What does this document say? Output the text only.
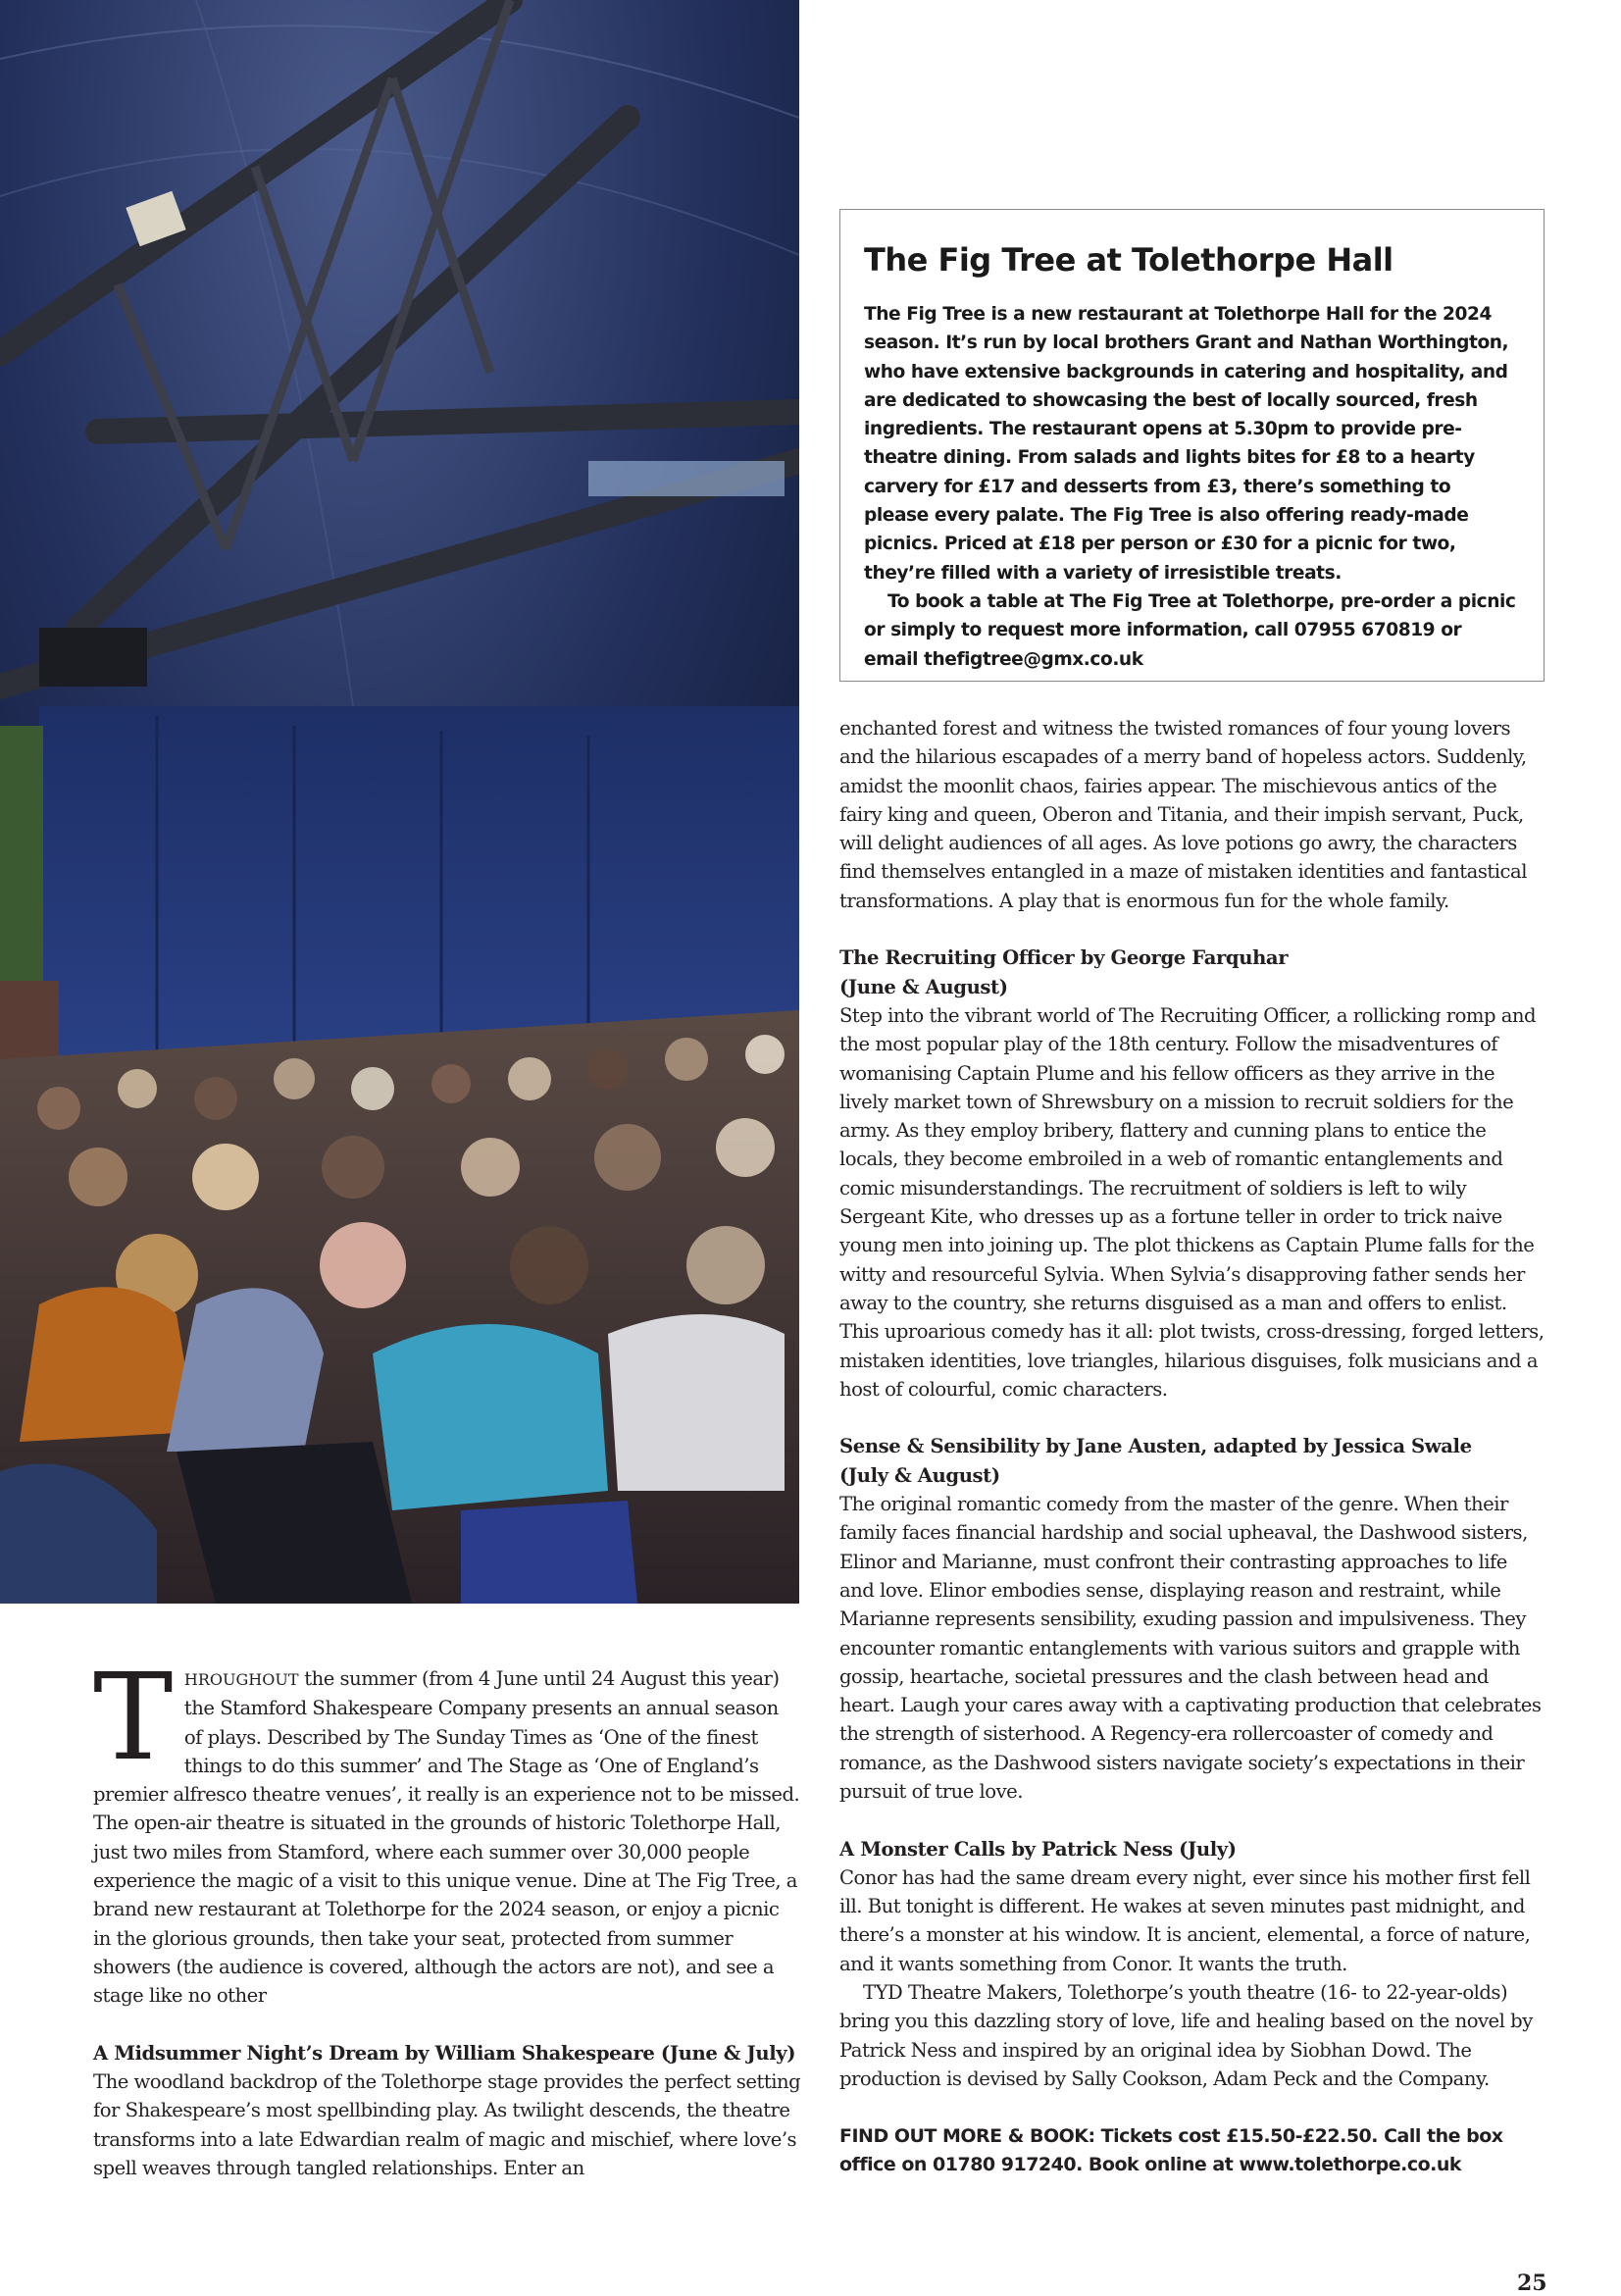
The Fig Tree at Tolethorpe Hall

The Fig Tree is a new restaurant at Tolethorpe Hall for the 2024 season. It’s run by local brothers Grant and Nathan Worthington, who have extensive backgrounds in catering and hospitality, and are dedicated to showcasing the best of locally sourced, fresh ingredients. The restaurant opens at 5.30pm to provide pre-theatre dining. From salads and lights bites for £8 to a hearty carvery for £17 and desserts from £3, there’s something to please every palate. The Fig Tree is also offering ready-made picnics. Priced at £18 per person or £30 for a picnic for two, they’re filled with a variety of irresistible treats.

To book a table at The Fig Tree at Tolethorpe, pre-order a picnic or simply to request more information, call 07955 670819 or email thefigtree@gmx.co.uk

THROUGHOUT the summer (from 4 June until 24 August this year) the Stamford Shakespeare Company presents an annual season of plays. Described by The Sunday Times as ‘One of the finest things to do this summer’ and The Stage as ‘One of England’s premier alfresco theatre venues’, it really is an experience not to be missed. The open-air theatre is situated in the grounds of historic Tolethorpe Hall, just two miles from Stamford, where each summer over 30,000 people experience the magic of a visit to this unique venue. Dine at The Fig Tree, a brand new restaurant at Tolethorpe for the 2024 season, or enjoy a picnic in the glorious grounds, then take your seat, protected from summer showers (the audience is covered, although the actors are not), and see a stage like no other

A Midsummer Night’s Dream by William Shakespeare (June & July)

The woodland backdrop of the Tolethorpe stage provides the perfect setting for Shakespeare’s most spellbinding play. As twilight descends, the theatre transforms into a late Edwardian realm of magic and mischief, where love’s spell weaves through tangled relationships. Enter an

enchanted forest and witness the twisted romances of four young lovers and the hilarious escapades of a merry band of hopeless actors. Suddenly, amidst the moonlit chaos, fairies appear. The mischievous antics of the fairy king and queen, Oberon and Titania, and their impish servant, Puck, will delight audiences of all ages. As love potions go awry, the characters find themselves entangled in a maze of mistaken identities and fantastical transformations. A play that is enormous fun for the whole family.

The Recruiting Officer by George Farquhar
(June & August)

Step into the vibrant world of The Recruiting Officer, a rollicking romp and the most popular play of the 18th century. Follow the misadventures of womanising Captain Plume and his fellow officers as they arrive in the lively market town of Shrewsbury on a mission to recruit soldiers for the army. As they employ bribery, flattery and cunning plans to entice the locals, they become embroiled in a web of romantic entanglements and comic misunderstandings. The recruitment of soldiers is left to wily Sergeant Kite, who dresses up as a fortune teller in order to trick naive young men into joining up. The plot thickens as Captain Plume falls for the witty and resourceful Sylvia. When Sylvia’s disapproving father sends her away to the country, she returns disguised as a man and offers to enlist. This uproarious comedy has it all: plot twists, cross-dressing, forged letters, mistaken identities, love triangles, hilarious disguises, folk musicians and a host of colourful, comic characters.

Sense & Sensibility by Jane Austen, adapted by Jessica Swale
(July & August)

The original romantic comedy from the master of the genre. When their family faces financial hardship and social upheaval, the Dashwood sisters, Elinor and Marianne, must confront their contrasting approaches to life and love. Elinor embodies sense, displaying reason and restraint, while Marianne represents sensibility, exuding passion and impulsiveness. They encounter romantic entanglements with various suitors and grapple with gossip, heartache, societal pressures and the clash between head and heart. Laugh your cares away with a captivating production that celebrates the strength of sisterhood. A Regency-era rollercoaster of comedy and romance, as the Dashwood sisters navigate society’s expectations in their pursuit of true love.

A Monster Calls by Patrick Ness (July)

Conor has had the same dream every night, ever since his mother first fell ill. But tonight is different. He wakes at seven minutes past midnight, and there’s a monster at his window. It is ancient, elemental, a force of nature, and it wants something from Conor. It wants the truth.

TYD Theatre Makers, Tolethorpe’s youth theatre (16- to 22-year-olds) bring you this dazzling story of love, life and healing based on the novel by Patrick Ness and inspired by an original idea by Siobhan Dowd. The production is devised by Sally Cookson, Adam Peck and the Company.

FIND OUT MORE & BOOK: Tickets cost £15.50-£22.50. Call the box office on 01780 917240. Book online at www.tolethorpe.co.uk

25
